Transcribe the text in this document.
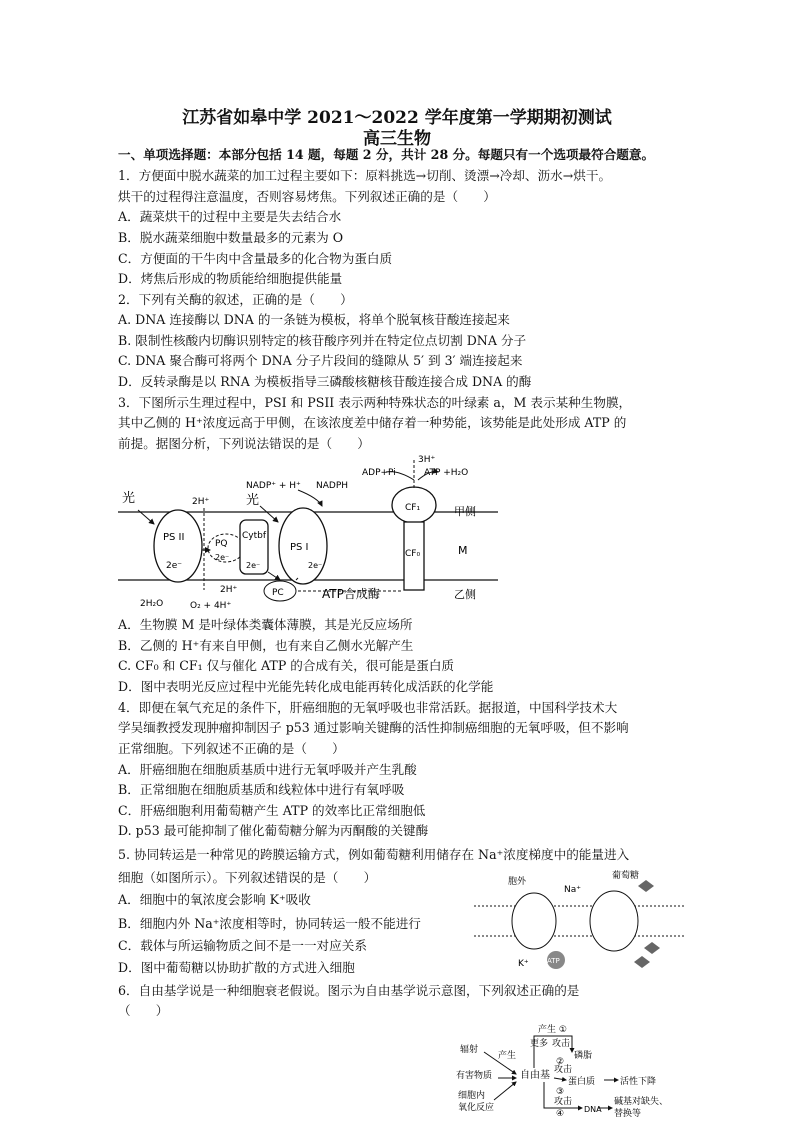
江苏省如皋中学 2021～2022 学年度第一学期期初测试
高三生物
一、单项选择题：本部分包括 14 题，每题 2 分，共计 28 分。每题只有一个选项最符合题意。
1．方便面中脱水蔬菜的加工过程主要如下：原料挑选→切削、烫漂→冷却、沥水→烘干。
烘干的过程得注意温度，否则容易烤焦。下列叙述正确的是（　　）
A．蔬菜烘干的过程中主要是失去结合水
B．脱水蔬菜细胞中数量最多的元素为 O
C．方便面的干牛肉中含量最多的化合物为蛋白质
D．烤焦后形成的物质能给细胞提供能量
2．下列有关酶的叙述，正确的是（　　）
A. DNA 连接酶以 DNA 的一条链为模板，将单个脱氧核苷酸连接起来
B. 限制性核酸内切酶识别特定的核苷酸序列并在特定位点切割 DNA 分子
C. DNA 聚合酶可将两个 DNA 分子片段间的缝隙从 5′ 到 3′ 端连接起来
D．反转录酶是以 RNA 为模板指导三磷酸核糖核苷酸连接合成 DNA 的酶
3．下图所示生理过程中，PSI 和 PSII 表示两种特殊状态的叶绿素 a，M 表示某种生物膜，
其中乙侧的 H⁺浓度远高于甲侧，在该浓度差中储存着一种势能，该势能是此处形成 ATP 的
前提。据图分析，下列说法错误的是（　　）
PS II
2e⁻
PQ
2e⁻
Cytbf
2e⁻
PS I
2e⁻
PC
CF₁
CF₀
3H⁺
ADP+Pi	ATP +H₂O
光	光
2H⁺
NADP⁺ + H⁺ NADPH
甲侧
M
乙侧
2H₂O	O₂ + 4H⁺
2H⁺	ATP合成酶
A．生物膜 M 是叶绿体类囊体薄膜，其是光反应场所
B．乙侧的 H⁺有来自甲侧，也有来自乙侧水光解产生
C. CF₀ 和 CF₁ 仅与催化 ATP 的合成有关，很可能是蛋白质
D．图中表明光反应过程中光能先转化成电能再转化成活跃的化学能
4．即便在氧气充足的条件下，肝癌细胞的无氧呼吸也非常活跃。据报道，中国科学技术大
学吴缅教授发现肿瘤抑制因子 p53 通过影响关键酶的活性抑制癌细胞的无氧呼吸，但不影响
正常细胞。下列叙述不正确的是（　　）
A．肝癌细胞在细胞质基质中进行无氧呼吸并产生乳酸
B．正常细胞在细胞质基质和线粒体中进行有氧呼吸
C．肝癌细胞利用葡萄糖产生 ATP 的效率比正常细胞低
D. p53 最可能抑制了催化葡萄糖分解为丙酮酸的关键酶
5. 协同转运是一种常见的跨膜运输方式，例如葡萄糖利用储存在 Na⁺浓度梯度中的能量进入
细胞（如图所示）。下列叙述错误的是（　　）
A．细胞中的氧浓度会影响 K⁺吸收
B．细胞内外 Na⁺浓度相等时，协同转运一般不能进行
C．载体与所运输物质之间不是一一对应关系
D．图中葡萄糖以协助扩散的方式进入细胞
胞外
Na⁺
葡萄糖
K⁺	ATP
6．自由基学说是一种细胞衰老假说。图示为自由基学说示意图，下列叙述正确的是
（　　）
产生 ①
辐射
产生
更多 攻击
磷脂
②
有害物质	自由基 攻击
蛋白质	活性下降
③
细胞内
氧化反应
攻击
DNA
碱基对缺失、
替换等
④
